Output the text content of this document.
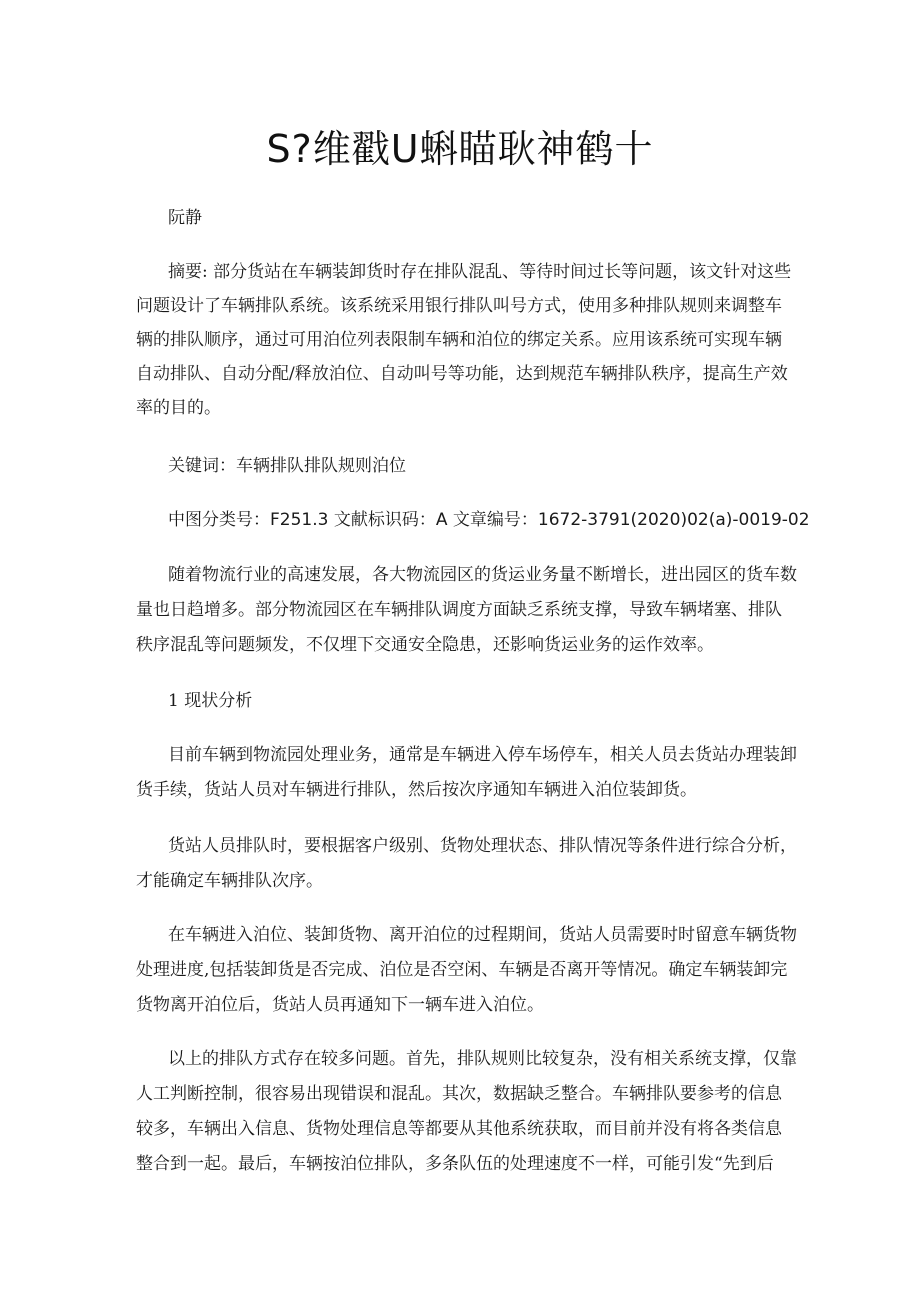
S?维戳U蝌瞄耿神鹤十
阮静
摘要: 部分货站在车辆装卸货时存在排队混乱、等待时间过长等问题，该文针对这些
问题设计了车辆排队系统。该系统采用银行排队叫号方式，使用多种排队规则来调整车
辆的排队顺序，通过可用泊位列表限制车辆和泊位的绑定关系。应用该系统可实现车辆
自动排队、自动分配/释放泊位、自动叫号等功能，达到规范车辆排队秩序，提高生产效
率的目的。
关键词：车辆排队排队规则泊位
中图分类号：F251.3 文献标识码：A 文章编号：1672-3791(2020)02(a)-0019-02
随着物流行业的高速发展，各大物流园区的货运业务量不断增长，进出园区的货车数
量也日趋增多。部分物流园区在车辆排队调度方面缺乏系统支撑，导致车辆堵塞、排队
秩序混乱等问题频发，不仅埋下交通安全隐患，还影响货运业务的运作效率。
1 现状分析
目前车辆到物流园处理业务，通常是车辆进入停车场停车，相关人员去货站办理装卸
货手续，货站人员对车辆进行排队，然后按次序通知车辆进入泊位装卸货。
货站人员排队时，要根据客户级别、货物处理状态、排队情况等条件进行综合分析，
才能确定车辆排队次序。
在车辆进入泊位、装卸货物、离开泊位的过程期间，货站人员需要时时留意车辆货物
处理进度,包括装卸货是否完成、泊位是否空闲、车辆是否离开等情况。确定车辆装卸完
货物离开泊位后，货站人员再通知下一辆车进入泊位。
以上的排队方式存在较多问题。首先，排队规则比较复杂，没有相关系统支撑，仅靠
人工判断控制，很容易出现错误和混乱。其次，数据缺乏整合。车辆排队要参考的信息
较多，车辆出入信息、货物处理信息等都要从其他系统获取，而目前并没有将各类信息
整合到一起。最后，车辆按泊位排队，多条队伍的处理速度不一样，可能引发“先到后
